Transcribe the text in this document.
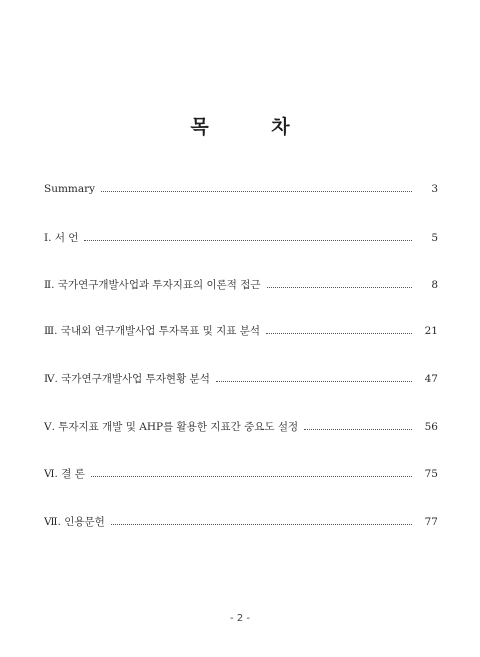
목 차
Summary	3
Ⅰ. 서 언	5
Ⅱ. 국가연구개발사업과 투자지표의 이론적 접근	8
Ⅲ. 국내외 연구개발사업 투자목표 및 지표 분석	21
Ⅳ. 국가연구개발사업 투자현황 분석	47
Ⅴ. 투자지표 개발 및 AHP를 활용한 지표간 중요도 설정	56
Ⅵ. 결 론	75
Ⅶ. 인용문헌	77
- 2 -
